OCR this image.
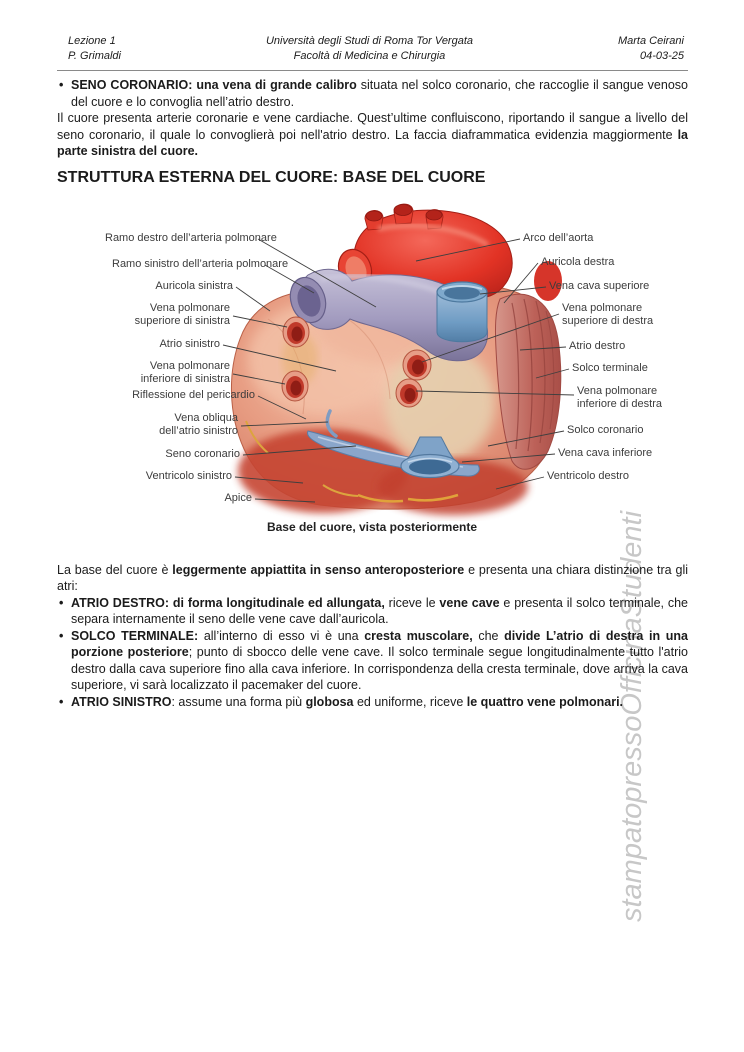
stampatopressoOfficinaStudenti
Lezione 1
P. Grimaldi
Università degli Studi di Roma Tor Vergata
Facoltà di Medicina e Chirurgia
Marta Ceirani
04-03-25
• SENO CORONARIO: una vena di grande calibro situata nel solco coronario, che raccoglie il sangue venoso del cuore e lo convoglia nell’atrio destro.
Il cuore presenta arterie coronarie e vene cardiache. Quest’ultime confluiscono, riportando il sangue a livello del seno coronario, il quale lo convoglierà poi nell'atrio destro. La faccia diaframmatica evidenzia maggiormente la parte sinistra del cuore.
STRUTTURA ESTERNA DEL CUORE: BASE DEL CUORE
Ramo destro dell’arteria polmonare
Ramo sinistro dell’arteria polmonare
Auricola sinistra
Vena polmonare superiore di sinistra
Atrio sinistro
Vena polmonare inferiore di sinistra
Riflessione del pericardio
Vena obliqua dell’atrio sinistro
Seno coronario
Ventricolo sinistro
Apice
Arco dell’aorta
Auricola destra
Vena cava superiore
Vena polmonare superiore di destra
Atrio destro
Solco terminale
Vena polmonare inferiore di destra
Solco coronario
Vena cava inferiore
Ventricolo destro
Base del cuore, vista posteriormente
La base del cuore è leggermente appiattita in senso anteroposteriore e presenta una chiara distinzione tra gli atri:
• ATRIO DESTRO: di forma longitudinale ed allungata, riceve le vene cave e presenta il solco terminale, che separa internamente il seno delle vene cave dall’auricola.
• SOLCO TERMINALE: all’interno di esso vi è una cresta muscolare, che divide L’atrio di destra in una porzione posteriore; punto di sbocco delle vene cave. Il solco terminale segue longitudinalmente tutto l'atrio destro dalla cava superiore fino alla cava inferiore. In corrispondenza della cresta terminale, dove arriva la cava superiore, vi sarà localizzato il pacemaker del cuore.
• ATRIO SINISTRO: assume una forma più globosa ed uniforme, riceve le quattro vene polmonari.
